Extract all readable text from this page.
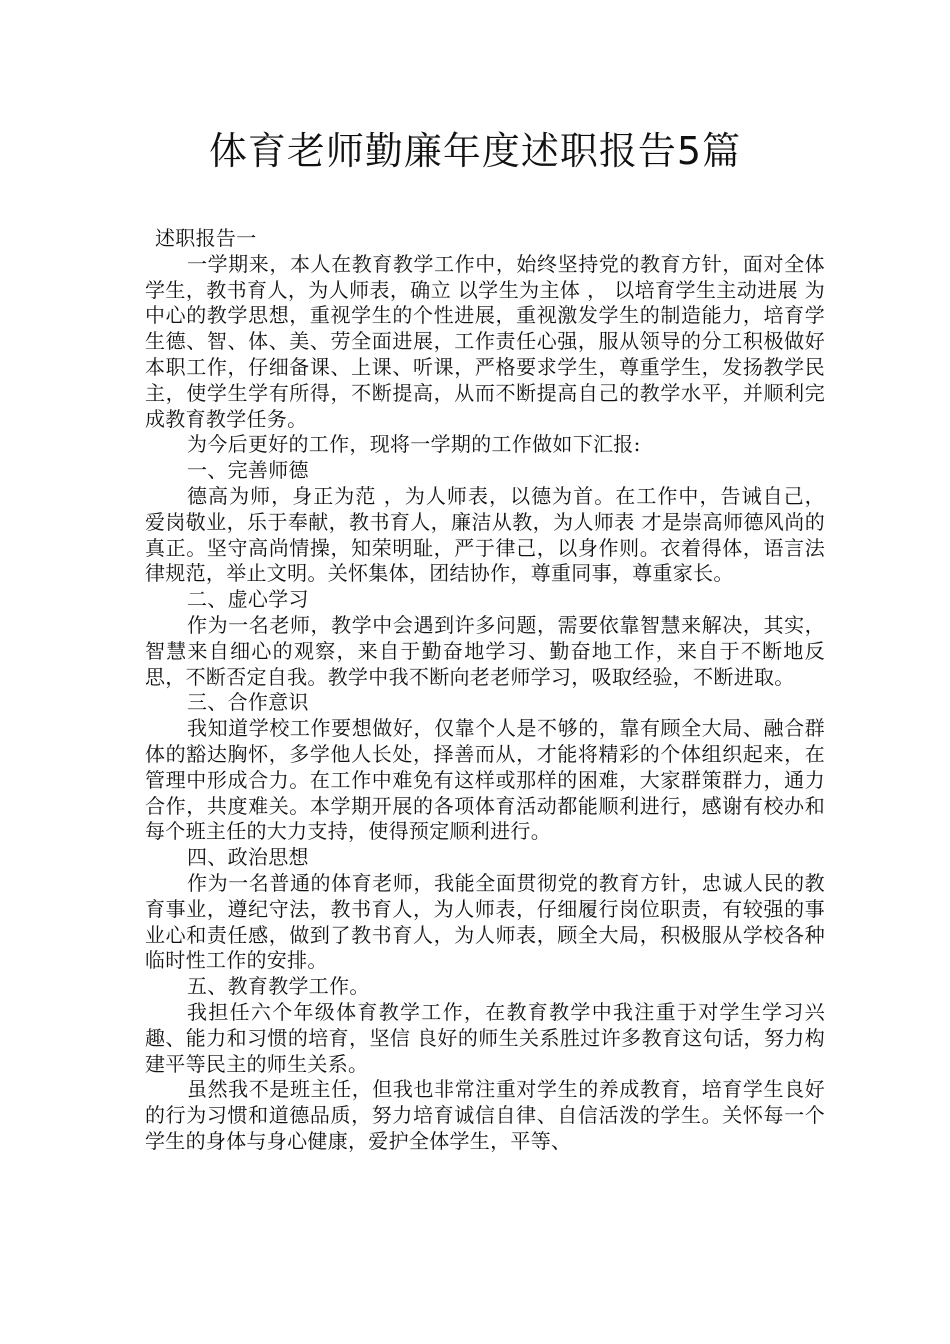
体育老师勤廉年度述职报告5篇

述职报告一

一学期来，本人在教育教学工作中，始终坚持党的教育方针，面对全体学生，教书育人，为人师表，确立 以学生为主体 ， 以培育学生主动进展 为中心的教学思想，重视学生的个性进展，重视激发学生的制造能力，培育学生德、智、体、美、劳全面进展，工作责任心强，服从领导的分工积极做好本职工作，仔细备课、上课、听课，严格要求学生，尊重学生，发扬教学民主，使学生学有所得，不断提高，从而不断提高自己的教学水平，并顺利完成教育教学任务。

为今后更好的工作，现将一学期的工作做如下汇报:

一、完善师德

德高为师，身正为范 ，为人师表，以德为首。在工作中，告诫自己， 爱岗敬业，乐于奉献，教书育人，廉洁从教，为人师表 才是崇高师德风尚的真正。坚守高尚情操，知荣明耻，严于律己，以身作则。衣着得体，语言法律规范，举止文明。关怀集体，团结协作，尊重同事，尊重家长。

二、虚心学习

作为一名老师，教学中会遇到许多问题，需要依靠智慧来解决，其实，智慧来自细心的观察，来自于勤奋地学习、勤奋地工作，来自于不断地反思，不断否定自我。教学中我不断向老老师学习，吸取经验，不断进取。

三、合作意识

我知道学校工作要想做好，仅靠个人是不够的，靠有顾全大局、融合群体的豁达胸怀，多学他人长处，择善而从，才能将精彩的个体组织起来，在管理中形成合力。在工作中难免有这样或那样的困难，大家群策群力，通力合作，共度难关。本学期开展的各项体育活动都能顺利进行，感谢有校办和每个班主任的大力支持，使得预定顺利进行。

四、政治思想

作为一名普通的体育老师，我能全面贯彻党的教育方针，忠诚人民的教育事业，遵纪守法，教书育人，为人师表，仔细履行岗位职责，有较强的事业心和责任感，做到了教书育人，为人师表，顾全大局，积极服从学校各种临时性工作的安排。

五、教育教学工作。

我担任六个年级体育教学工作，在教育教学中我注重于对学生学习兴趣、能力和习惯的培育，坚信 良好的师生关系胜过许多教育这句话，努力构建平等民主的师生关系。

虽然我不是班主任，但我也非常注重对学生的养成教育，培育学生良好的行为习惯和道德品质，努力培育诚信自律、自信活泼的学生。关怀每一个学生的身体与身心健康，爱护全体学生，平等、
